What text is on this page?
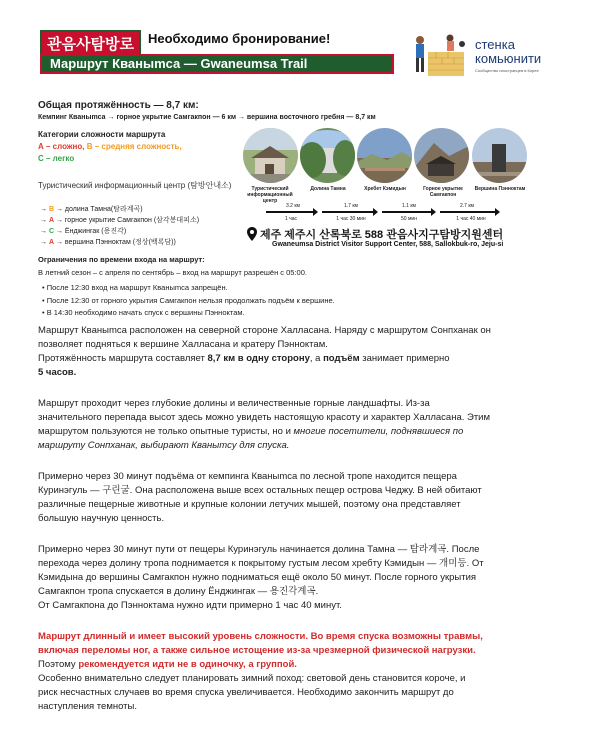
관음사탐방로	Необходимо бронирование!
Маршрут Кваныmса — Gwaneumsa Trail
стенка
комьюнити
Сообщество иностранцев в Корее
Общая протяжённость — 8,7 км:
Кемпинг Кваныmса → горное укрытие Самгакпон — 6 км → вершина восточного гребня — 8,7 км
Категории сложности маршрута
А – сложно, B – средняя сложность,
С – легко
Туристический информационный центр (탐방안내소)
→ В → долина Тамна(탐라계곡)
→ А → горное укрытие Самгакпон (삼각봉대피소)
→ С → Ёнджингак (용진각)
→ А → вершина Пэнноктам (정상(백록담))
Туристический информационный центр
Долина Тамна	Хребет Кэмидын	Горное укрытие Самгакпон
Вершина Пэнноктам
3.2 км
1 час
1.7 км
1 час 30 мин
1.1 км
50 мин
2.7 км
1 час 40 мин
제주 제주시 산록북로 588 관음사지구탐방지원센터
Gwaneumsa District Visitor Support Center, 588, Sallokbuk-ro, Jeju-si
Ограничения по времени входа на маршрут:
В летний сезон – с апреля по сентябрь – вход на маршрут разрешён с 05:00.
• После 12:30 вход на маршрут Кваныmса запрещён.
• После 12:30 от горного укрытия Самгакпон нельзя продолжать подъём к вершине.
• В 14:30 необходимо начать спуск с вершины Пэнноктам.
Маршрут Кваныmса расположен на северной стороне Халласана. Наряду с маршрутом Сонпханак он
позволяет подняться к вершине Халласана и кратеру Пэнноктам.
Протяжённость маршрута составляет 8,7 км в одну сторону, а подъём занимает примерно
5 часов.
Маршрут проходит через глубокие долины и величественные горные ландшафты. Из-за
значительного перепада высот здесь можно увидеть настоящую красоту и характер Халласана. Этим
маршрутом пользуются не только опытные туристы, но и многие посетители, поднявшиеся по
маршруту Сонпханак, выбирают Кваныmсу для спуска.
Примерно через 30 минут подъёма от кемпинга Кваныmса по лесной тропе находится пещера
Куринэгуль — 구린굴. Она расположена выше всех остальных пещер острова Чеджу. В ней обитают
различные пещерные животные и крупные колонии летучих мышей, поэтому она представляет
большую научную ценность.
Примерно через 30 минут пути от пещеры Куринэгуль начинается долина Тамна — 탐라계곡. После
перехода через долину тропа поднимается к покрытому густым лесом хребту Кэмидын — 개미등. От
Кэмидына до вершины Самгакпон нужно подниматься ещё около 50 минут. После горного укрытия
Самгакпон тропа спускается в долину Ёнджингак — 용진각계곡.
От Самгакпона до Пэнноктама нужно идти примерно 1 час 40 минут.
Маршрут длинный и имеет высокий уровень сложности. Во время спуска возможны травмы,
включая переломы ног, а также сильное истощение из-за чрезмерной физической нагрузки.
Поэтому рекомендуется идти не в одиночку, а группой.
Особенно внимательно следует планировать зимний поход: световой день становится короче, и
риск несчастных случаев во время спуска увеличивается. Необходимо закончить маршрут до
наступления темноты.
